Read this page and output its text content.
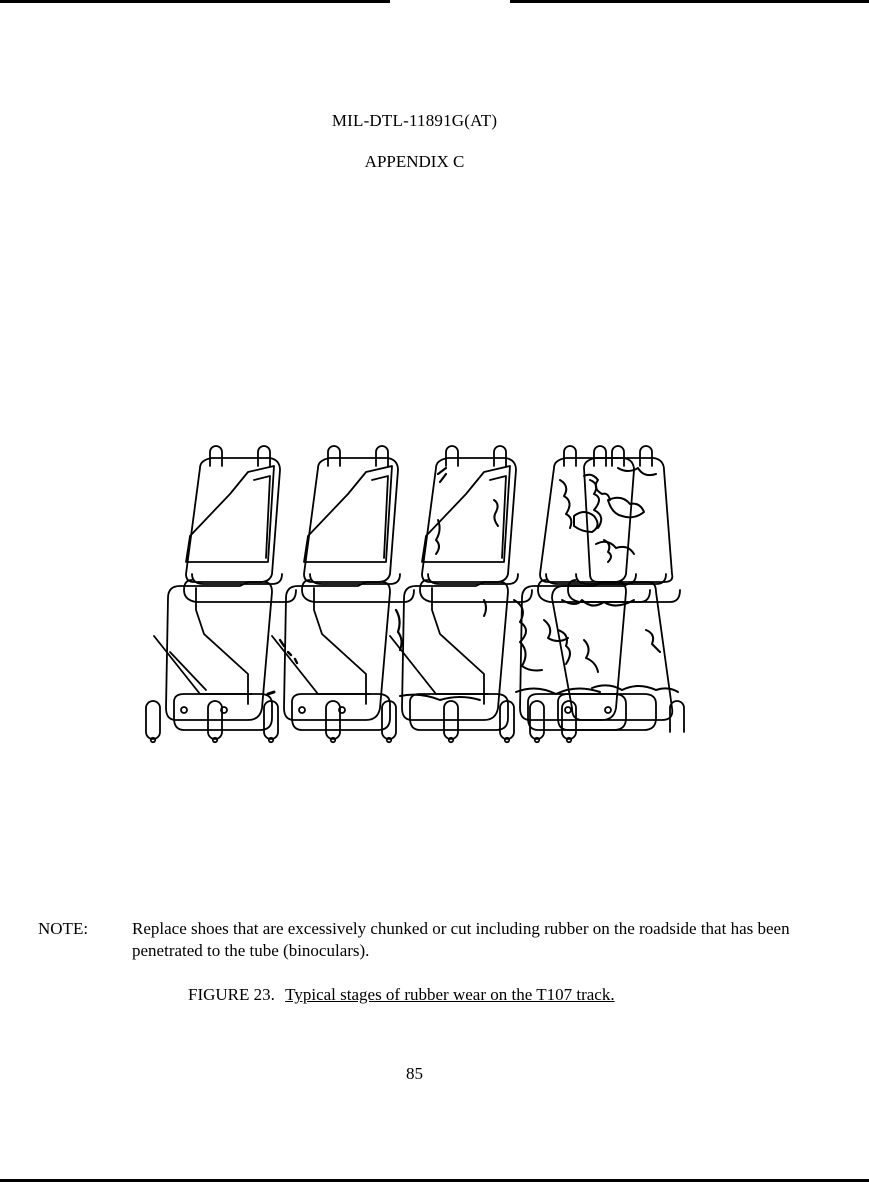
MIL-DTL-11891G(AT)
APPENDIX C
NOTE:	Replace shoes that are excessively chunked or cut including rubber on the roadside that has been penetrated to the tube (binoculars).
FIGURE 23. Typical stages of rubber wear on the T107 track.
85
